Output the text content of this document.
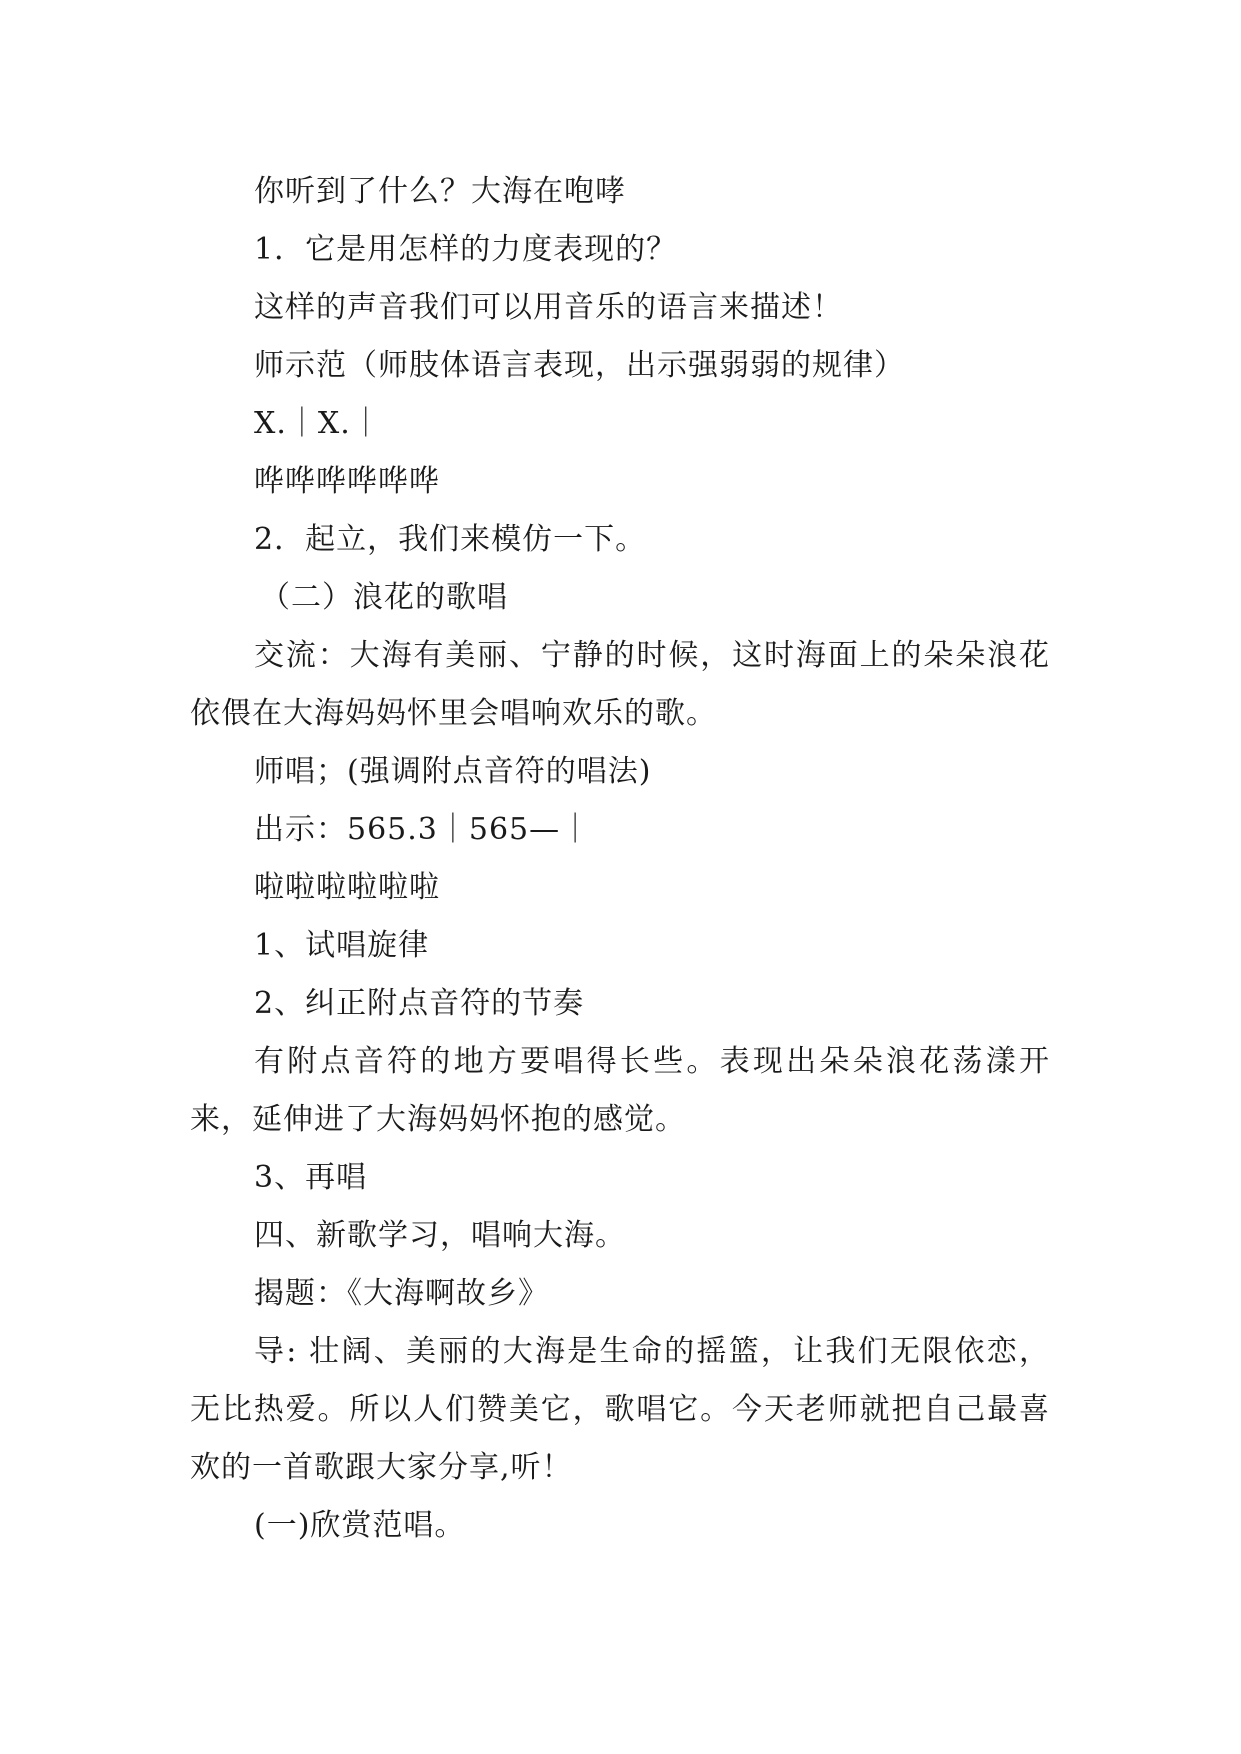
你听到了什么？大海在咆哮

1．它是用怎样的力度表现的？

这样的声音我们可以用音乐的语言来描述！

师示范（师肢体语言表现，出示强弱弱的规律）

X.｜X.｜

哗哗哗哗哗哗

2．起立，我们来模仿一下。

（二）浪花的歌唱

交流：大海有美丽、宁静的时候，这时海面上的朵朵浪花依偎在大海妈妈怀里会唱响欢乐的歌。

师唱；(强调附点音符的唱法)

出示：565.3｜565—｜

啦啦啦啦啦啦

1、试唱旋律

2、纠正附点音符的节奏

有附点音符的地方要唱得长些。表现出朵朵浪花荡漾开来，延伸进了大海妈妈怀抱的感觉。

3、再唱

四、新歌学习，唱响大海。

揭题：《大海啊故乡》

导: 壮阔、美丽的大海是生命的摇篮，让我们无限依恋，无比热爱。所以人们赞美它，歌唱它。今天老师就把自己最喜欢的一首歌跟大家分享,听！

(一)欣赏范唱。
